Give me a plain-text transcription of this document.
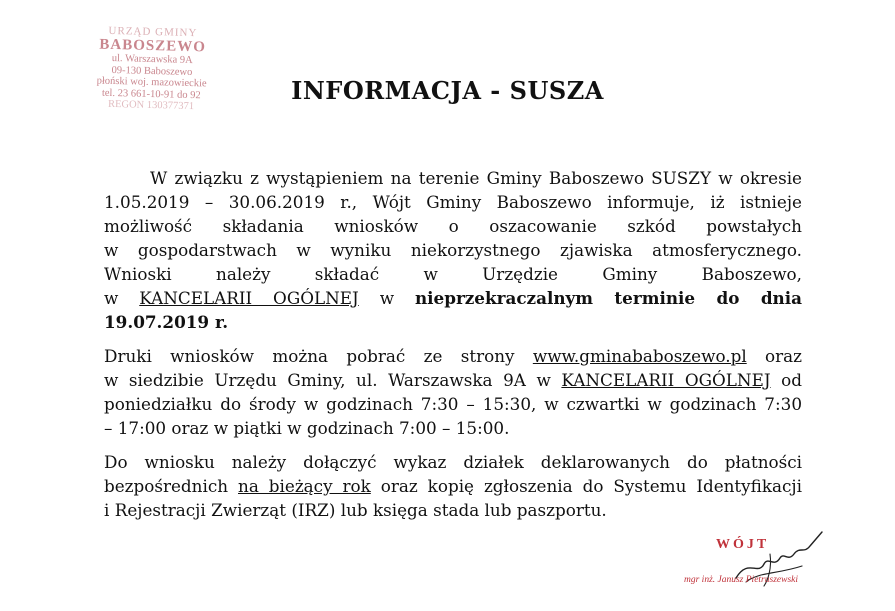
URZĄD GMINY
BABOSZEWO
ul. Warszawska 9A
09-130 Baboszewo
płoński woj. mazowieckie
tel. 23 661-10-91 do 92
REGON 130377371
INFORMACJA - SUSZA
W związku z wystąpieniem na terenie Gminy Baboszewo SUSZY w okresie
1.05.2019 – 30.06.2019 r., Wójt Gminy Baboszewo informuje, iż istnieje
możliwość składania wniosków o oszacowanie szkód powstałych
w gospodarstwach w wyniku niekorzystnego zjawiska atmosferycznego.
Wnioski należy składać w Urzędzie Gminy Baboszewo,
w KANCELARII OGÓLNEJ w nieprzekraczalnym terminie do dnia
19.07.2019 r.
Druki wniosków można pobrać ze strony www.gminababoszewo.pl oraz
w siedzibie Urzędu Gminy, ul. Warszawska 9A w KANCELARII OGÓLNEJ od
poniedziałku do środy w godzinach 7:30 – 15:30, w czwartki w godzinach 7:30
– 17:00 oraz w piątki w godzinach 7:00 – 15:00.
Do wniosku należy dołączyć wykaz działek deklarowanych do płatności
bezpośrednich na bieżący rok oraz kopię zgłoszenia do Systemu Identyfikacji
i Rejestracji Zwierząt (IRZ) lub księga stada lub paszportu.
WÓJT
mgr inż. Janusz Pietruszewski
